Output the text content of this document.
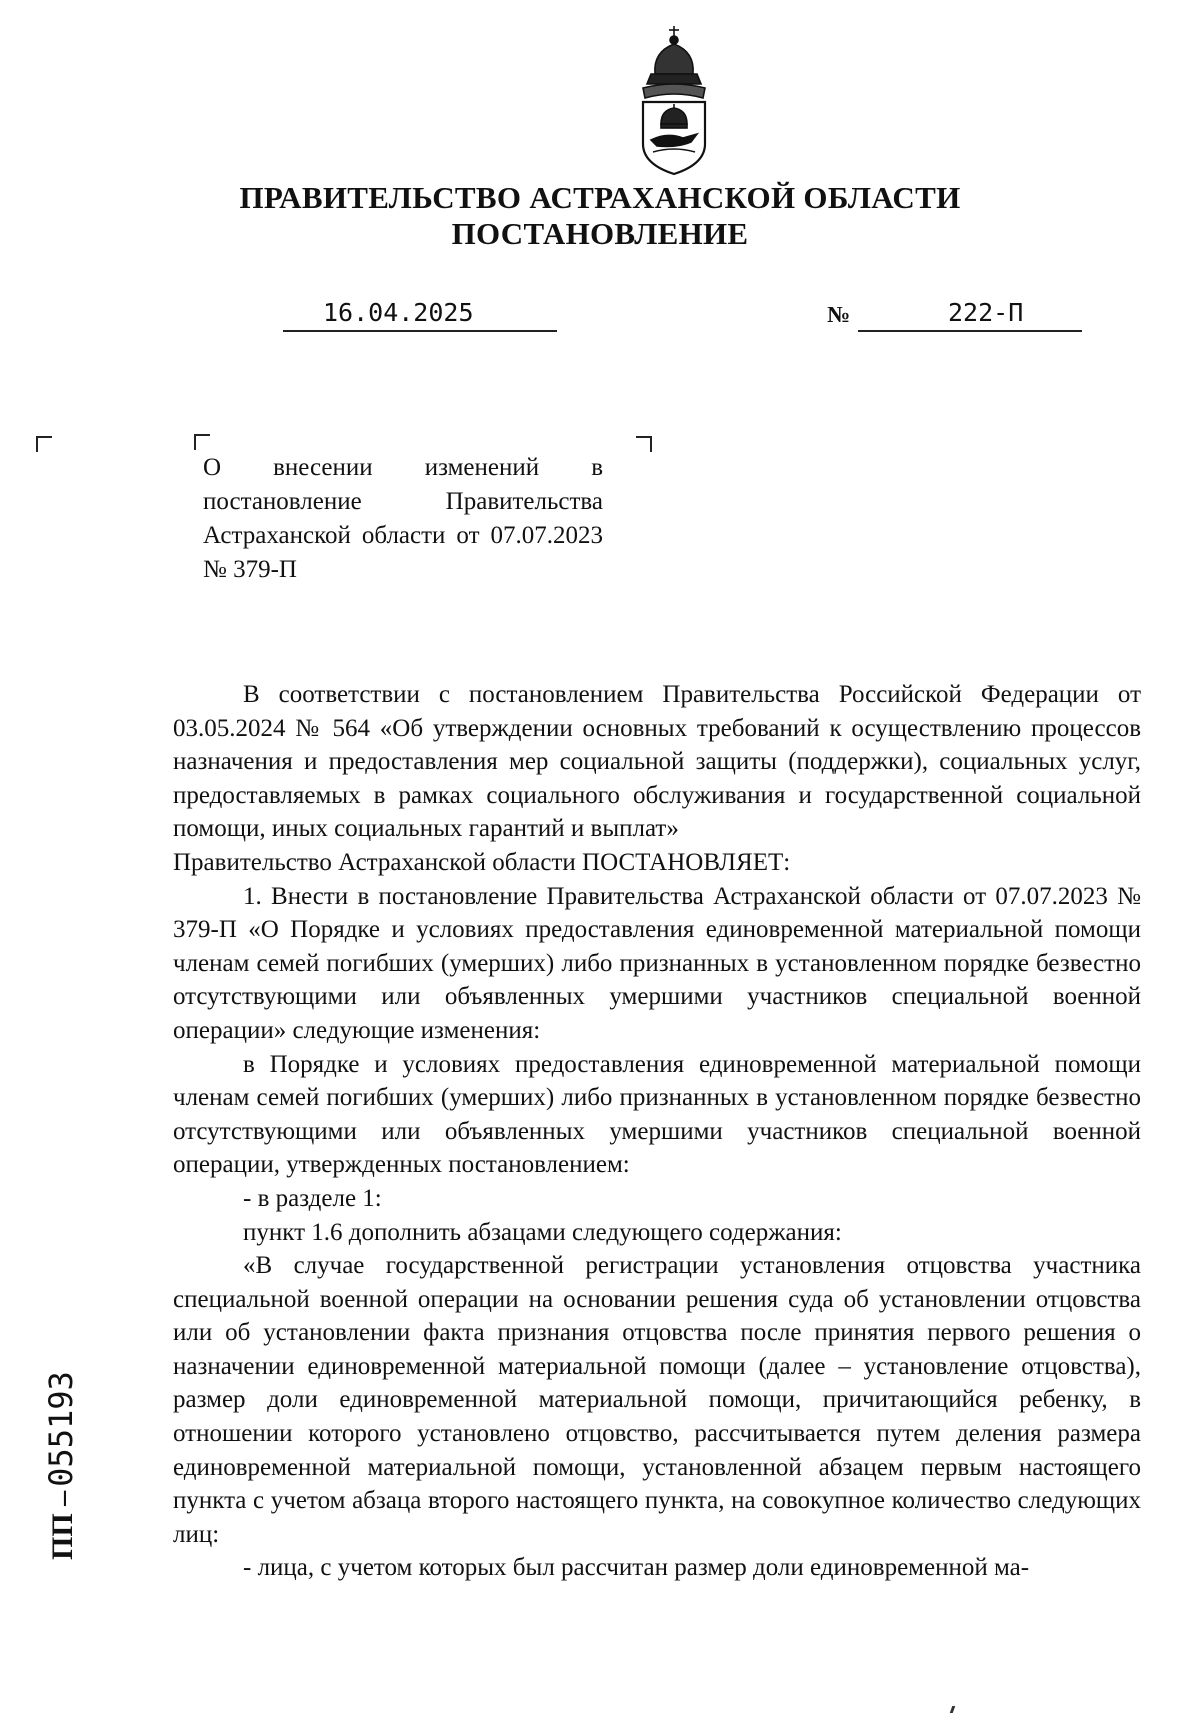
ПРАВИТЕЛЬСТВО АСТРАХАНСКОЙ ОБЛАСТИ
ПОСТАНОВЛЕНИЕ
16.04.2025	№	222-П
О внесении изменений в постановление Правительства Астраханской области от 07.07.2023 № 379-П

В соответствии с постановлением Правительства Российской Федерации от 03.05.2024 № 564 «Об утверждении основных требований к осуществлению процессов назначения и предоставления мер социальной защиты (поддержки), социальных услуг, предоставляемых в рамках социального обслуживания и государственной социальной помощи, иных социальных гарантий и выплат»

Правительство Астраханской области ПОСТАНОВЛЯЕТ:

1. Внести в постановление Правительства Астраханской области от 07.07.2023 № 379-П «О Порядке и условиях предоставления единовременной материальной помощи членам семей погибших (умерших) либо признанных в установленном порядке безвестно отсутствующими или объявленных умершими участников специальной военной операции» следующие изменения:

в Порядке и условиях предоставления единовременной материальной помощи членам семей погибших (умерших) либо признанных в установленном порядке безвестно отсутствующими или объявленных умершими участников специальной военной операции, утвержденных постановлением:

- в разделе 1:

пункт 1.6 дополнить абзацами следующего содержания:

«В случае государственной регистрации установления отцовства участника специальной военной операции на основании решения суда об установлении отцовства или об установлении факта признания отцовства после принятия первого решения о назначении единовременной материальной помощи (далее – установление отцовства), размер доли единовременной материальной помощи, причитающийся ребенку, в отношении которого установлено отцовство, рассчитывается путем деления размера единовременной материальной помощи, установленной абзацем первым настоящего пункта с учетом абзаца второго настоящего пункта, на совокупное количество следующих лиц:

- лица, с учетом которых был рассчитан размер доли единовременной ма-

ПП – 055193
